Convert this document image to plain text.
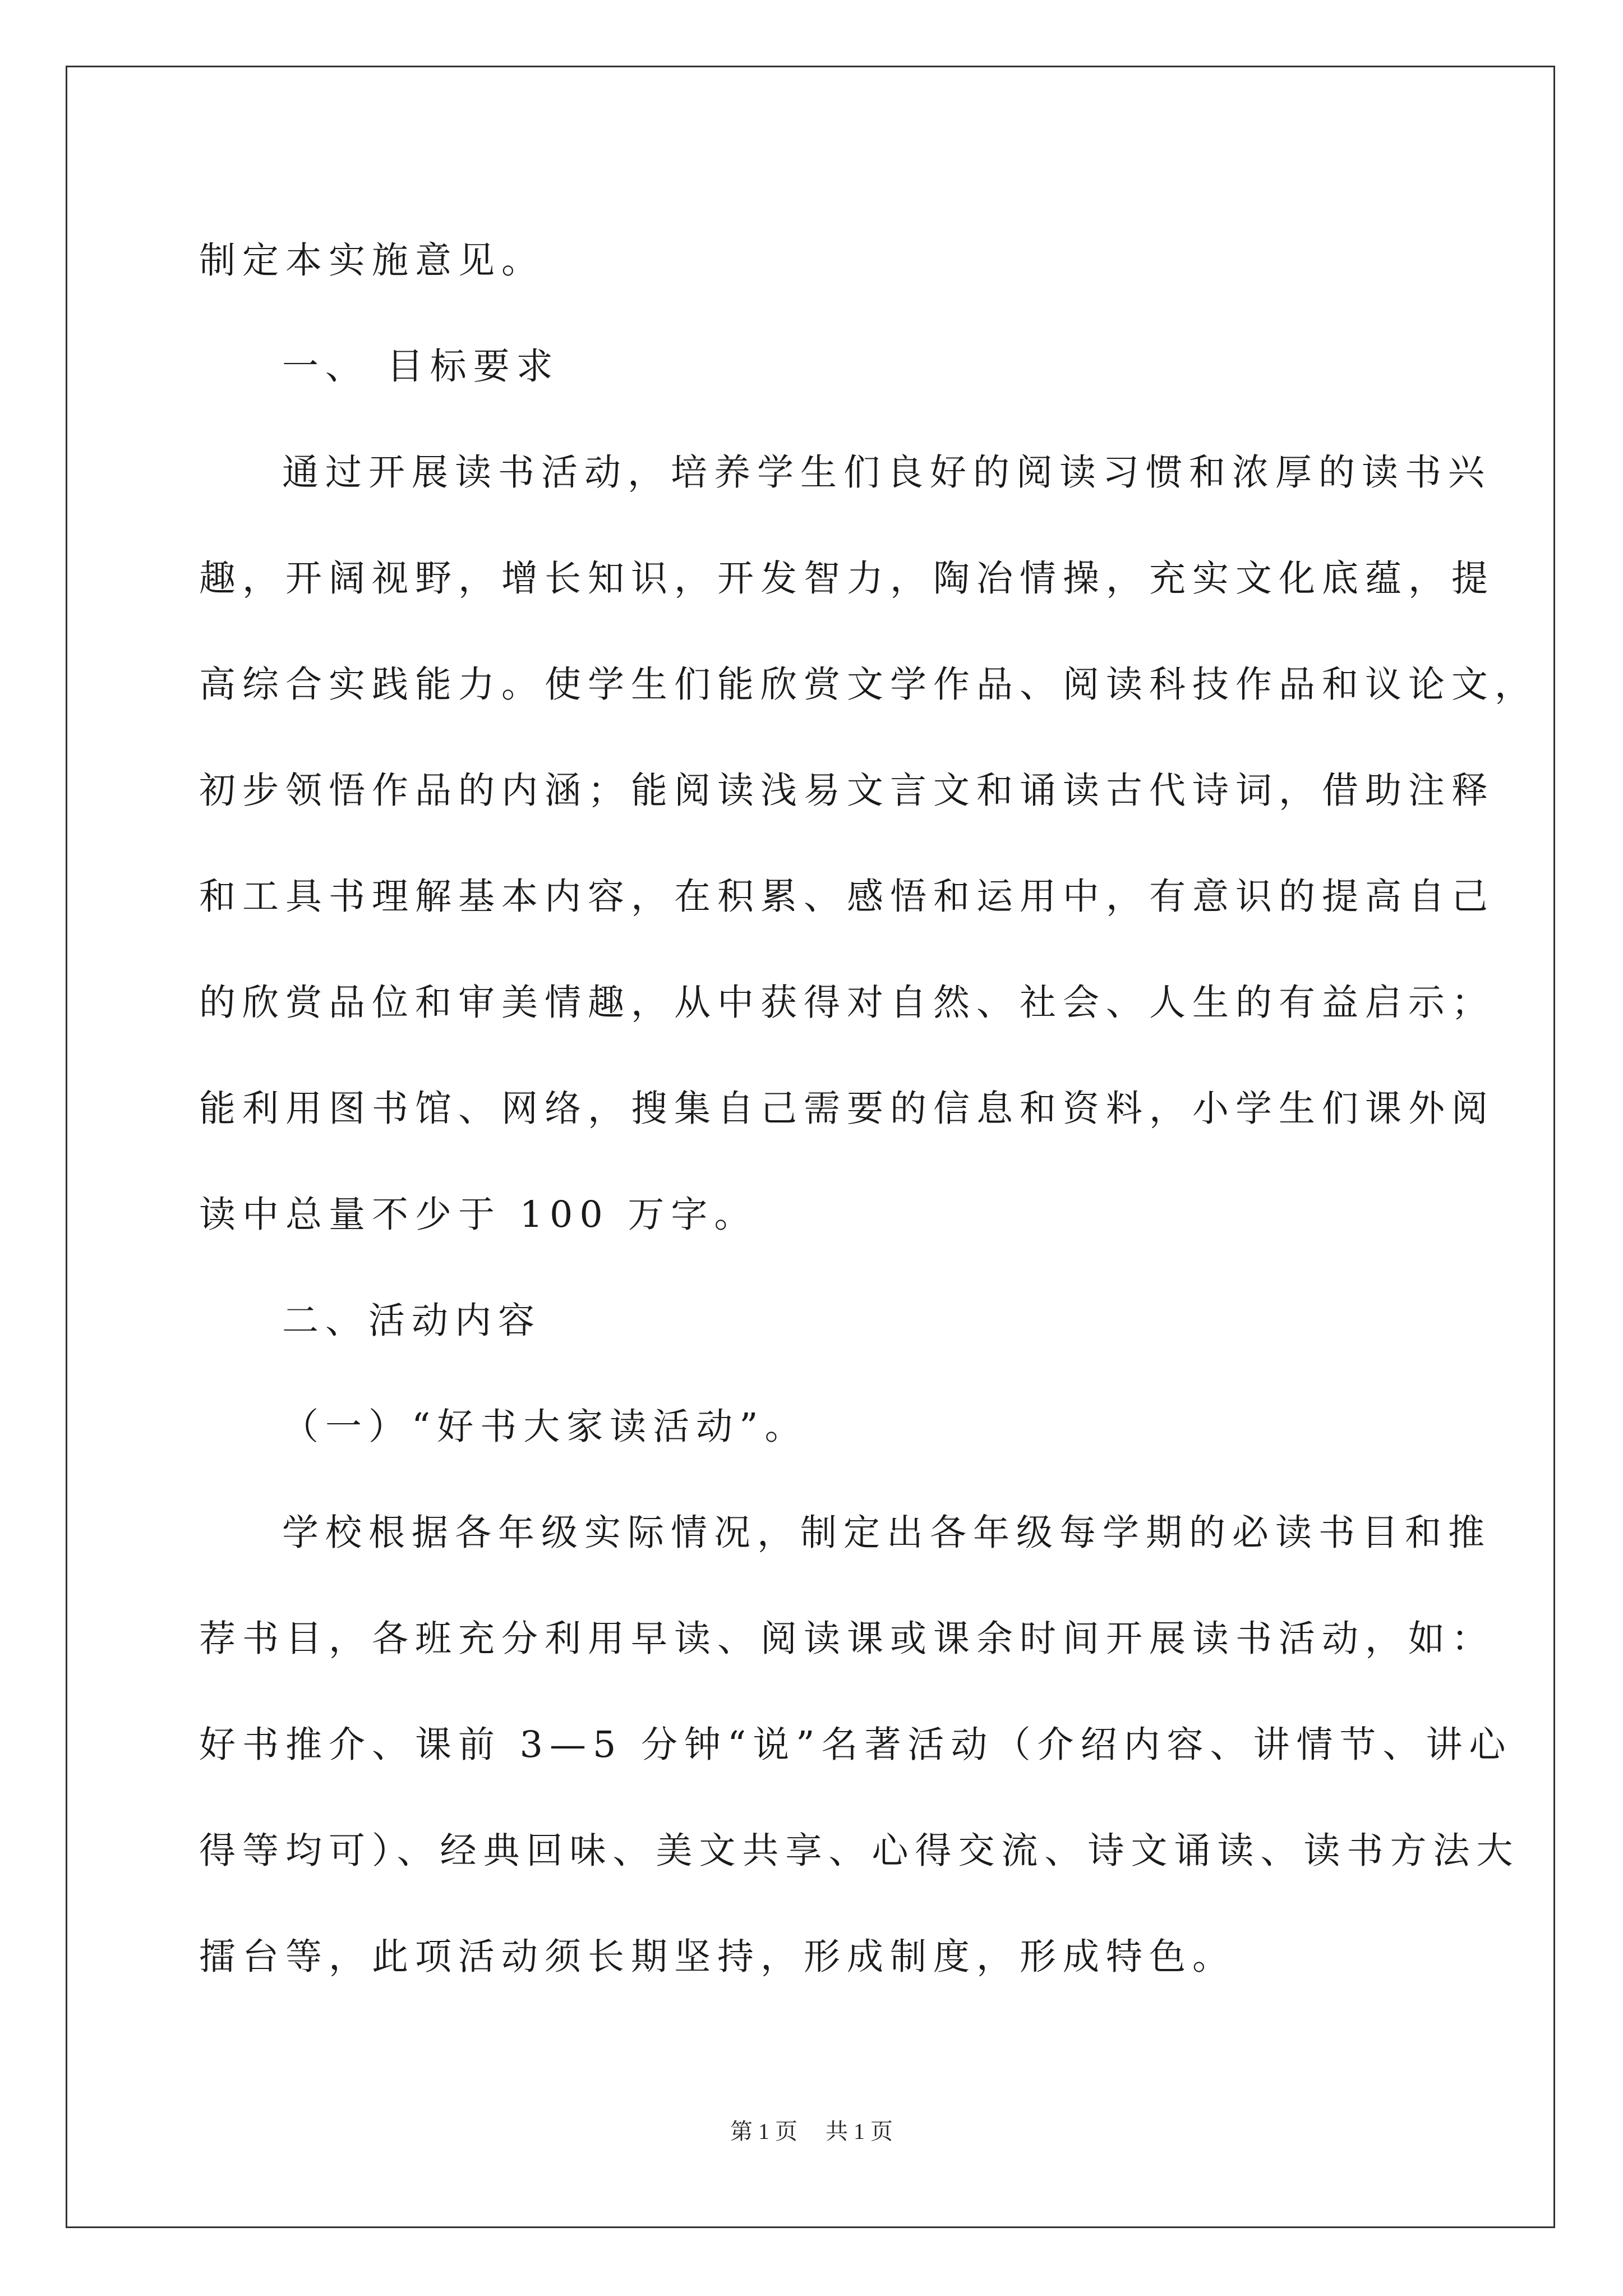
制定本实施意见。
一、 目标要求
通过开展读书活动，培养学生们良好的阅读习惯和浓厚的读书兴
趣，开阔视野，增长知识，开发智力，陶冶情操，充实文化底蕴，提
高综合实践能力。使学生们能欣赏文学作品、阅读科技作品和议论文，
初步领悟作品的内涵；能阅读浅易文言文和诵读古代诗词，借助注释
和工具书理解基本内容，在积累、感悟和运用中，有意识的提高自己
的欣赏品位和审美情趣，从中获得对自然、社会、人生的有益启示；
能利用图书馆、网络，搜集自己需要的信息和资料，小学生们课外阅
读中总量不少于 100 万字。
二、活动内容
（一）“好书大家读活动”。
学校根据各年级实际情况，制定出各年级每学期的必读书目和推
荐书目，各班充分利用早读、阅读课或课余时间开展读书活动，如：
好书推介、课前 3—5 分钟“说”名著活动（介绍内容、讲情节、讲心
得等均可）、经典回味、美文共享、心得交流、诗文诵读、读书方法大
擂台等，此项活动须长期坚持，形成制度，形成特色。
第 1 页 共 1 页
